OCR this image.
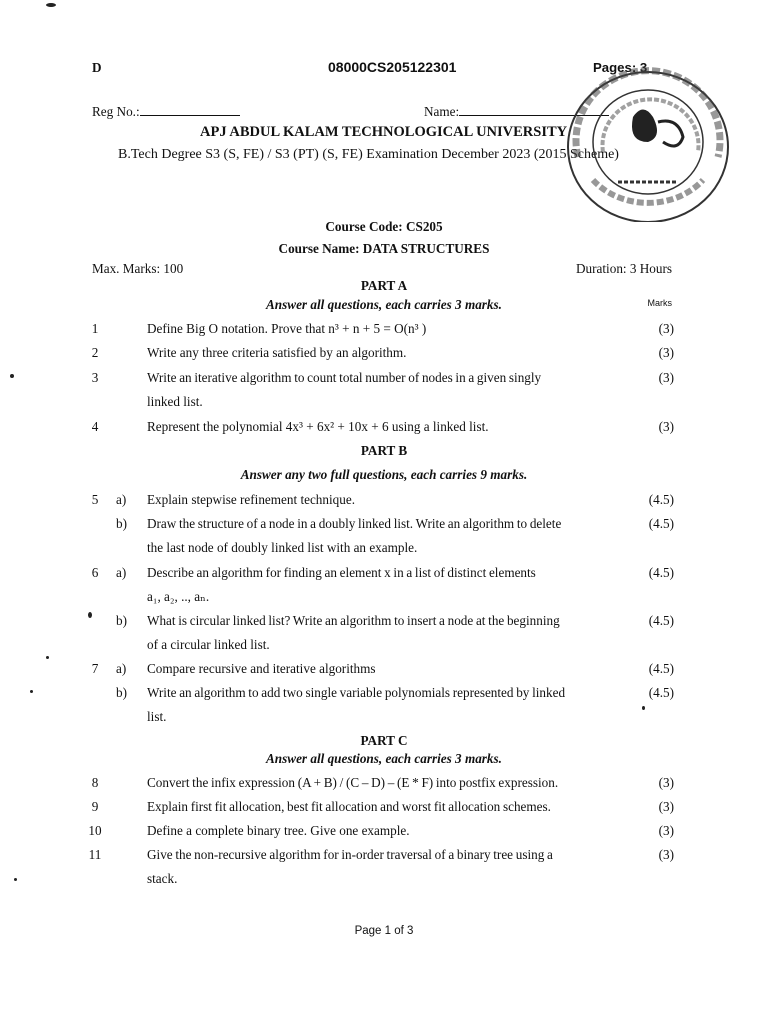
D	08000CS205122301	Pages: 3
Reg No.:	Name:
APJ ABDUL KALAM TECHNOLOGICAL UNIVERSITY
B.Tech Degree S3 (S, FE) / S3 (PT) (S, FE) Examination December 2023 (2015 Scheme)
Course Code: CS205
Course Name: DATA STRUCTURES
Max. Marks: 100	Duration: 3 Hours
PART A
Answer all questions, each carries 3 marks.	Marks
1	Define Big O notation. Prove that n³ + n + 5 = O(n³ )	(3)
2	Write any three criteria satisfied by an algorithm.	(3)
3	Write an iterative algorithm to count total number of nodes in a given singly
linked list.
(3)
4	Represent the polynomial 4x³ + 6x² + 10x + 6 using a linked list.	(3)
PART B
Answer any two full questions, each carries 9 marks.
5 a) Explain stepwise refinement technique.	(4.5)
b) Draw the structure of a node in a doubly linked list. Write an algorithm to delete
the last node of doubly linked list with an example.
(4.5)
6 a) Describe an algorithm for finding an element x in a list of distinct elements
a₁, a₂, .., aₙ.
(4.5)
b) What is circular linked list? Write an algorithm to insert a node at the beginning
of a circular linked list.
(4.5)
7 a) Compare recursive and iterative algorithms	(4.5)
b) Write an algorithm to add two single variable polynomials represented by linked
list.
(4.5)
PART C
Answer all questions, each carries 3 marks.
8	Convert the infix expression (A + B) / (C – D) – (E * F) into postfix expression.	(3)
9	Explain first fit allocation, best fit allocation and worst fit allocation schemes.	(3)
10	Define a complete binary tree. Give one example.	(3)
11	Give the non-recursive algorithm for in-order traversal of a binary tree using a
stack.
(3)
Page 1 of 3
